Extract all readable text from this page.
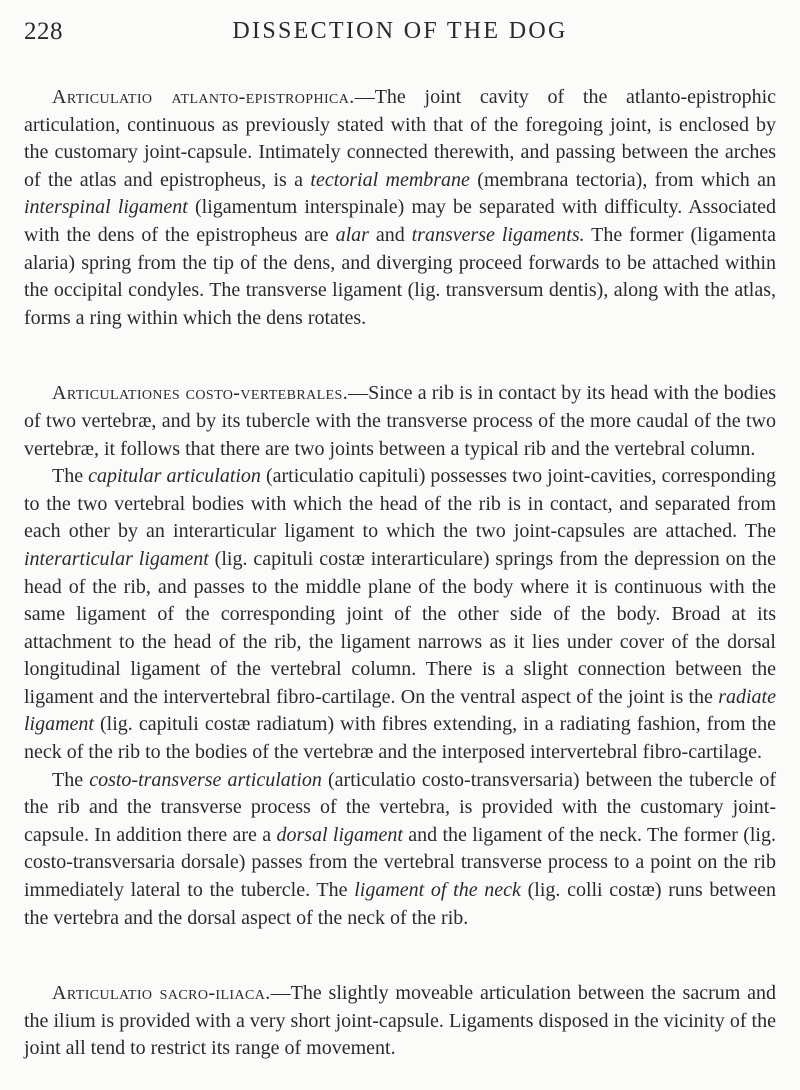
228	DISSECTION OF THE DOG

Articulatio atlanto-epistrophica.—The joint cavity of the atlanto-epistrophic articulation, continuous as previously stated with that of the foregoing joint, is enclosed by the customary joint-capsule. Intimately connected therewith, and passing between the arches of the atlas and epistropheus, is a tectorial membrane (membrana tectoria), from which an interspinal ligament (ligamentum interspinale) may be separated with difficulty. Associated with the dens of the epistropheus are alar and transverse ligaments. The former (ligamenta alaria) spring from the tip of the dens, and diverging proceed forwards to be attached within the occipital condyles. The transverse ligament (lig. transversum dentis), along with the atlas, forms a ring within which the dens rotates.

Articulationes costo-vertebrales.—Since a rib is in contact by its head with the bodies of two vertebræ, and by its tubercle with the transverse process of the more caudal of the two vertebræ, it follows that there are two joints between a typical rib and the vertebral column.

The capitular articulation (articulatio capituli) possesses two joint-cavities, corresponding to the two vertebral bodies with which the head of the rib is in contact, and separated from each other by an interarticular ligament to which the two joint-capsules are attached. The interarticular ligament (lig. capituli costæ interarticulare) springs from the depression on the head of the rib, and passes to the middle plane of the body where it is continuous with the same ligament of the corresponding joint of the other side of the body. Broad at its attachment to the head of the rib, the ligament narrows as it lies under cover of the dorsal longitudinal ligament of the vertebral column. There is a slight connection between the ligament and the intervertebral fibro-cartilage. On the ventral aspect of the joint is the radiate ligament (lig. capituli costæ radiatum) with fibres extending, in a radiating fashion, from the neck of the rib to the bodies of the vertebræ and the interposed intervertebral fibro-cartilage.

The costo-transverse articulation (articulatio costo-transversaria) between the tubercle of the rib and the transverse process of the vertebra, is provided with the customary joint-capsule. In addition there are a dorsal ligament and the ligament of the neck. The former (lig. costo-transversaria dorsale) passes from the vertebral transverse process to a point on the rib immediately lateral to the tubercle. The ligament of the neck (lig. colli costæ) runs between the vertebra and the dorsal aspect of the neck of the rib.

Articulatio sacro-iliaca.—The slightly moveable articulation between the sacrum and the ilium is provided with a very short joint-capsule. Ligaments disposed in the vicinity of the joint all tend to restrict its range of movement.
